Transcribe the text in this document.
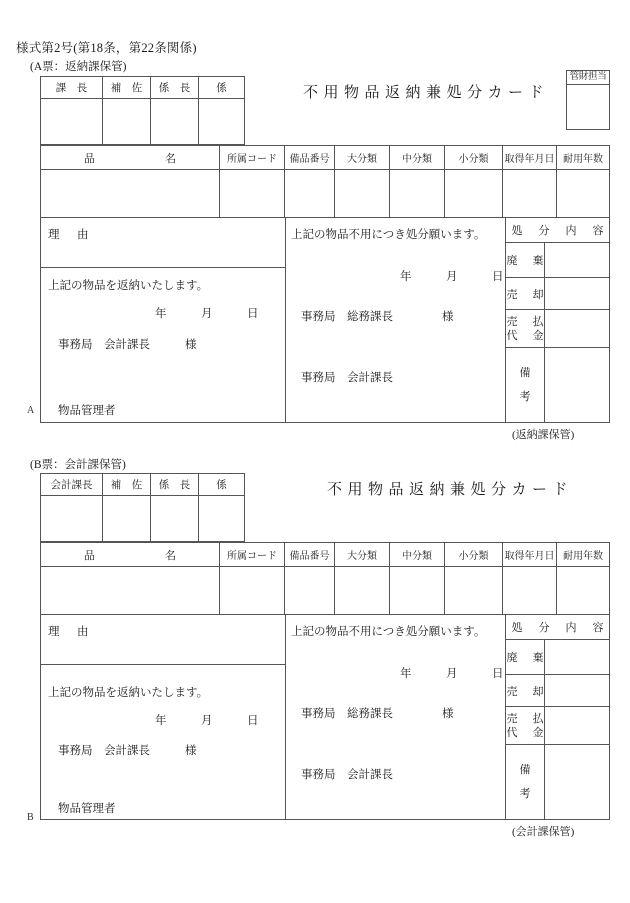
様式第2号(第18条，第22条関係)
(A票：返納課保管)
A
不用物品返納兼処分カード
管財担当
課　長	補　佐	係　長	係
品　　　　　名	所属コード	備品番号	大分類	中分類	小分類	取得年月日 耐用年数
理　由
上記の物品を返納いたします。
年　　　月　　　日
事務局　会計課長	様
物品管理者
上記の物品不用につき処分願います。
年　　　月　　　日
事務局　総務課長	様
事務局　会計課長
処　分　内　容
廃　棄
売　却
売　払
代　金
備
考
(返納課保管)
(B票：会計課保管)
B
不用物品返納兼処分カード
会計課長	補　佐	係　長	係
品　　　　　名	所属コード	備品番号	大分類	中分類	小分類	取得年月日 耐用年数
理　由
上記の物品を返納いたします。
年　　　月　　　日
事務局　会計課長	様
物品管理者
上記の物品不用につき処分願います。
年　　　月　　　日
事務局　総務課長	様
事務局　会計課長
処　分　内　容
廃　棄
売　却
売　払
代　金
備
考
(会計課保管)
